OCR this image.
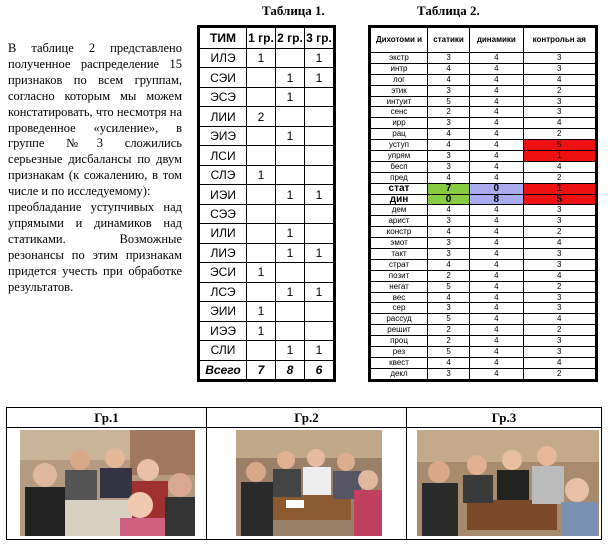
Таблица 1.	Таблица 2.

В таблице 2 представлено полученное распределение 15 признаков по всем группам, согласно которым мы можем констатировать, что несмотря на проведенное «усиление», в группе №3 сложились серьезные дисбалансы по двум признакам (к сожалению, в том числе и по исследуемому):

преобладание уступчивых над упрямыми и динамиков над статиками. Возможные резонансы по этим признакам придется учесть при обработке результатов.

ТИМ	1 гр.	2 гр.	3 гр.
ИЛЭ	1		1
СЭИ		1	1
ЭСЭ		1	
ЛИИ	2		
ЭИЭ		1	
ЛСИ			
СЛЭ	1		
ИЭИ		1	1
СЭЭ			
ИЛИ		1	
ЛИЭ		1	1
ЭСИ	1		
ЛСЭ		1	1
ЭИИ	1		
ИЭЭ	1		
СЛИ		1	1
Всего	7	8	6
Дихотоми и	статики	динамики	контрольн ая
экстр	3	4	3
интр	4	4	3
лог	4	4	4
этик	3	4	2
интуит	5	4	3
сенс	2	4	3
ирр	3	4	4
рац	4	4	2
уступ	4	4	5
упрям	3	4	1
бесп	3	4	4
пред	4	4	2
стат	7	0	1
дин	0	8	5
дем	4	4	3
арист	3	4	3
констр	4	4	2
эмот	3	4	4
такт	3	4	3
страт	4	4	3
позит	2	4	4
негат	5	4	2
вес	4	4	3
сер	3	4	3
рассуд	5	4	4
решит	2	4	2
проц	2	4	3
рез	5	4	3
квест	4	4	4
декл	3	4	2
Гр.1	Гр.2	Гр.3
